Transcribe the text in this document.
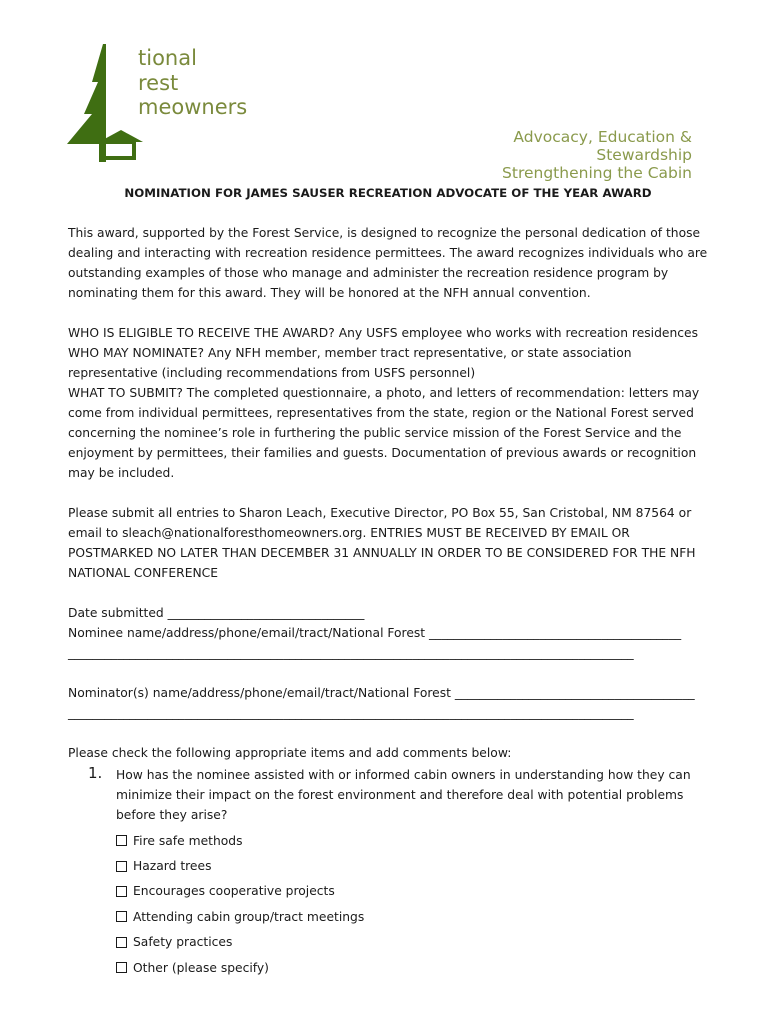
tional
rest
meowners
Advocacy, Education &
Stewardship
Strengthening the Cabin
NOMINATION FOR JAMES SAUSER RECREATION ADVOCATE OF THE YEAR AWARD

This award, supported by the Forest Service, is designed to recognize the personal dedication of those dealing and interacting with recreation residence permittees. The award recognizes individuals who are outstanding examples of those who manage and administer the recreation residence program by nominating them for this award. They will be honored at the NFH annual convention.

WHO IS ELIGIBLE TO RECEIVE THE AWARD? Any USFS employee who works with recreation residences

WHO MAY NOMINATE? Any NFH member, member tract representative, or state association representative (including recommendations from USFS personnel)

WHAT TO SUBMIT? The completed questionnaire, a photo, and letters of recommendation: letters may come from individual permittees, representatives from the state, region or the National Forest served concerning the nominee’s role in furthering the public service mission of the Forest Service and the enjoyment by permittees, their families and guests. Documentation of previous awards or recognition may be included.

Please submit all entries to Sharon Leach, Executive Director, PO Box 55, San Cristobal, NM 87564 or email to sleach@nationalforesthomeowners.org. ENTRIES MUST BE RECEIVED BY EMAIL OR POSTMARKED NO LATER THAN DECEMBER 31 ANNUALLY IN ORDER TO BE CONSIDERED FOR THE NFH NATIONAL CONFERENCE

Date submitted ________________________________
Nominee name/address/phone/email/tract/National Forest _________________________________________
____________________________________________________________________________________________
Nominator(s) name/address/phone/email/tract/National Forest _______________________________________
____________________________________________________________________________________________

Please check the following appropriate items and add comments below:

1. How has the nominee assisted with or informed cabin owners in understanding how they can minimize their impact on the forest environment and therefore deal with potential problems before they arise?
Fire safe methods
Hazard trees
Encourages cooperative projects
Attending cabin group/tract meetings
Safety practices
Other (please specify)
